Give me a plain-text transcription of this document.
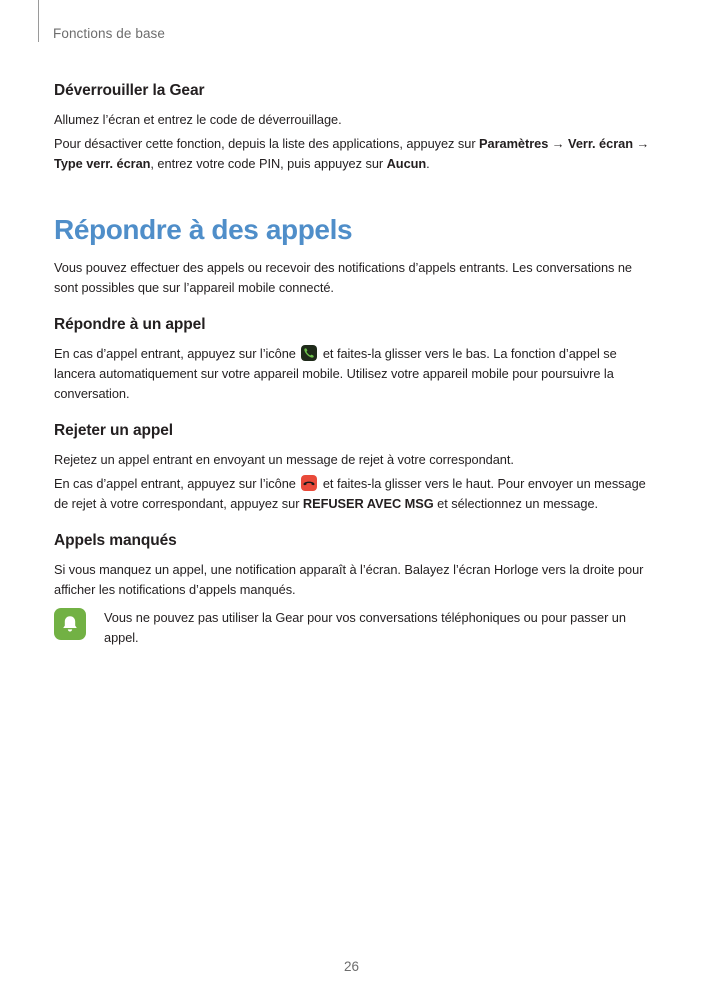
Fonctions de base
Déverrouiller la Gear

Allumez l’écran et entrez le code de déverrouillage.

Pour désactiver cette fonction, depuis la liste des applications, appuyez sur Paramètres → Verr. écran → Type verr. écran, entrez votre code PIN, puis appuyez sur Aucun.

Répondre à des appels

Vous pouvez effectuer des appels ou recevoir des notifications d’appels entrants. Les conversations ne sont possibles que sur l’appareil mobile connecté.

Répondre à un appel

En cas d’appel entrant, appuyez sur l’icône  et faites-la glisser vers le bas. La fonction d’appel se lancera automatiquement sur votre appareil mobile. Utilisez votre appareil mobile pour poursuivre la conversation.

Rejeter un appel

Rejetez un appel entrant en envoyant un message de rejet à votre correspondant.

En cas d’appel entrant, appuyez sur l’icône  et faites-la glisser vers le haut. Pour envoyer un message de rejet à votre correspondant, appuyez sur REFUSER AVEC MSG et sélectionnez un message.

Appels manqués

Si vous manquez un appel, une notification apparaît à l’écran. Balayez l’écran Horloge vers la droite pour afficher les notifications d’appels manqués.

Vous ne pouvez pas utiliser la Gear pour vos conversations téléphoniques ou pour passer un appel.

26
